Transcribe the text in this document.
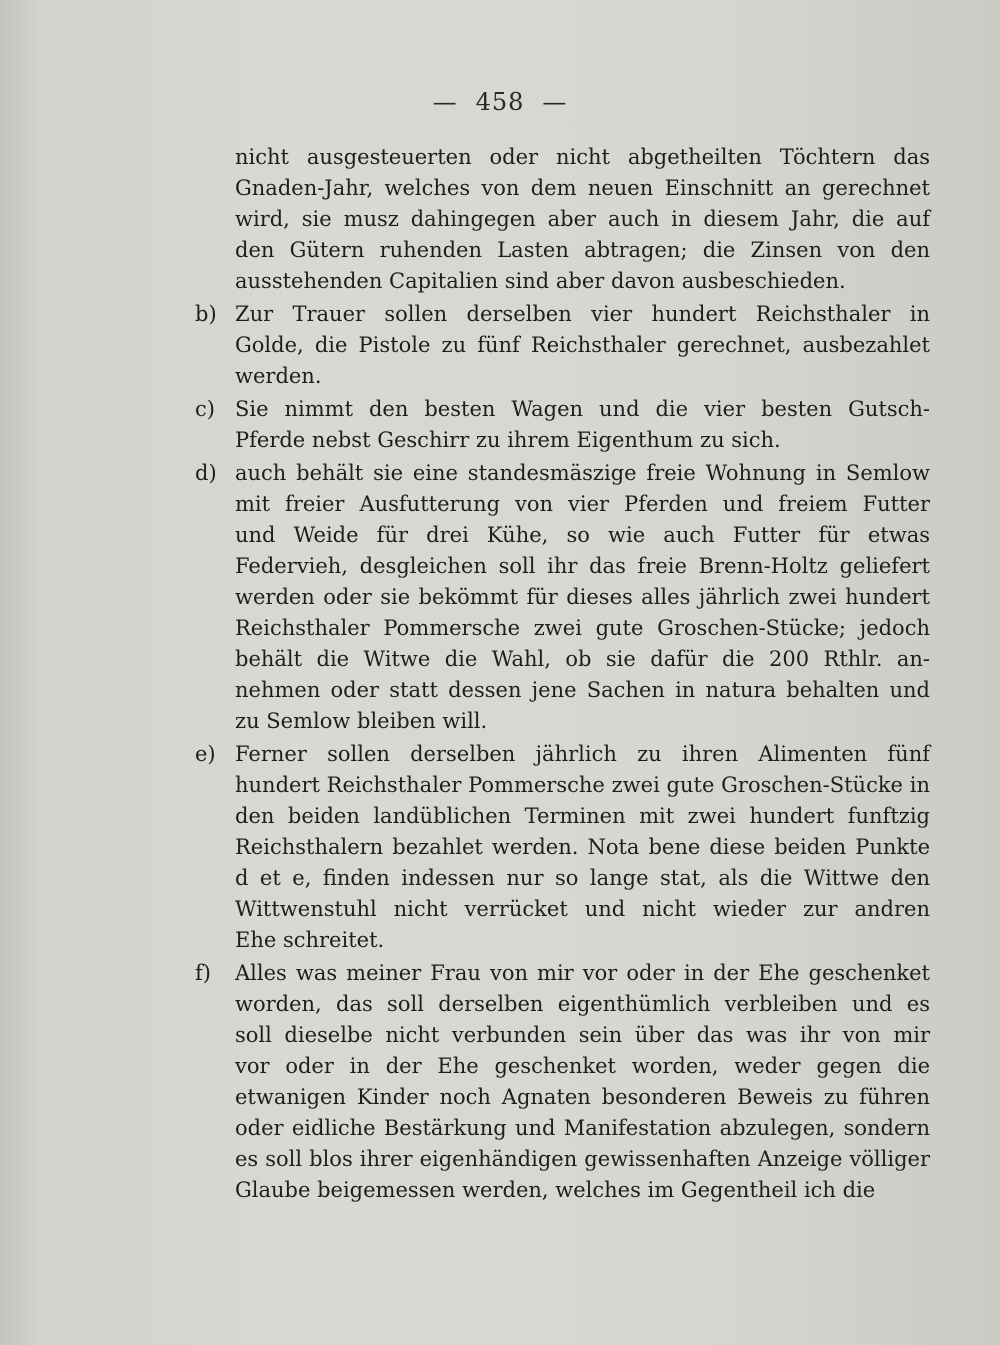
— 458 —
nicht ausgesteuerten oder nicht abgetheilten Töchtern das
Gnaden-Jahr, welches von dem neuen Einschnitt an gerechnet
wird, sie musz dahingegen aber auch in diesem Jahr, die auf
den Gütern ruhenden Lasten abtragen; die Zinsen von den
ausstehenden Capitalien sind aber davon ausbeschieden.
b) Zur Trauer sollen derselben vier hundert Reichsthaler in
Golde, die Pistole zu fünf Reichsthaler gerechnet, ausbezahlet
werden.
c) Sie nimmt den besten Wagen und die vier besten Gutsch-
Pferde nebst Geschirr zu ihrem Eigenthum zu sich.
d) auch behält sie eine standesmäszige freie Wohnung in Semlow
mit freier Ausfutterung von vier Pferden und freiem Futter
und Weide für drei Kühe, so wie auch Futter für etwas
Federvieh, desgleichen soll ihr das freie Brenn-Holtz geliefert
werden oder sie bekömmt für dieses alles jährlich zwei hundert
Reichsthaler Pommersche zwei gute Groschen-Stücke; jedoch
behält die Witwe die Wahl, ob sie dafür die 200 Rthlr. an-
nehmen oder statt dessen jene Sachen in natura behalten und
zu Semlow bleiben will.
e) Ferner sollen derselben jährlich zu ihren Alimenten fünf
hundert Reichsthaler Pommersche zwei gute Groschen-Stücke in
den beiden landüblichen Terminen mit zwei hundert funftzig
Reichsthalern bezahlet werden. Nota bene diese beiden Punkte
d et e, finden indessen nur so lange stat, als die Wittwe den
Wittwenstuhl nicht verrücket und nicht wieder zur andren
Ehe schreitet.
f) Alles was meiner Frau von mir vor oder in der Ehe geschenket
worden, das soll derselben eigenthümlich verbleiben und es
soll dieselbe nicht verbunden sein über das was ihr von mir
vor oder in der Ehe geschenket worden, weder gegen die
etwanigen Kinder noch Agnaten besonderen Beweis zu führen
oder eidliche Bestärkung und Manifestation abzulegen, sondern
es soll blos ihrer eigenhändigen gewissenhaften Anzeige völliger
Glaube beigemessen werden, welches im Gegentheil ich die
